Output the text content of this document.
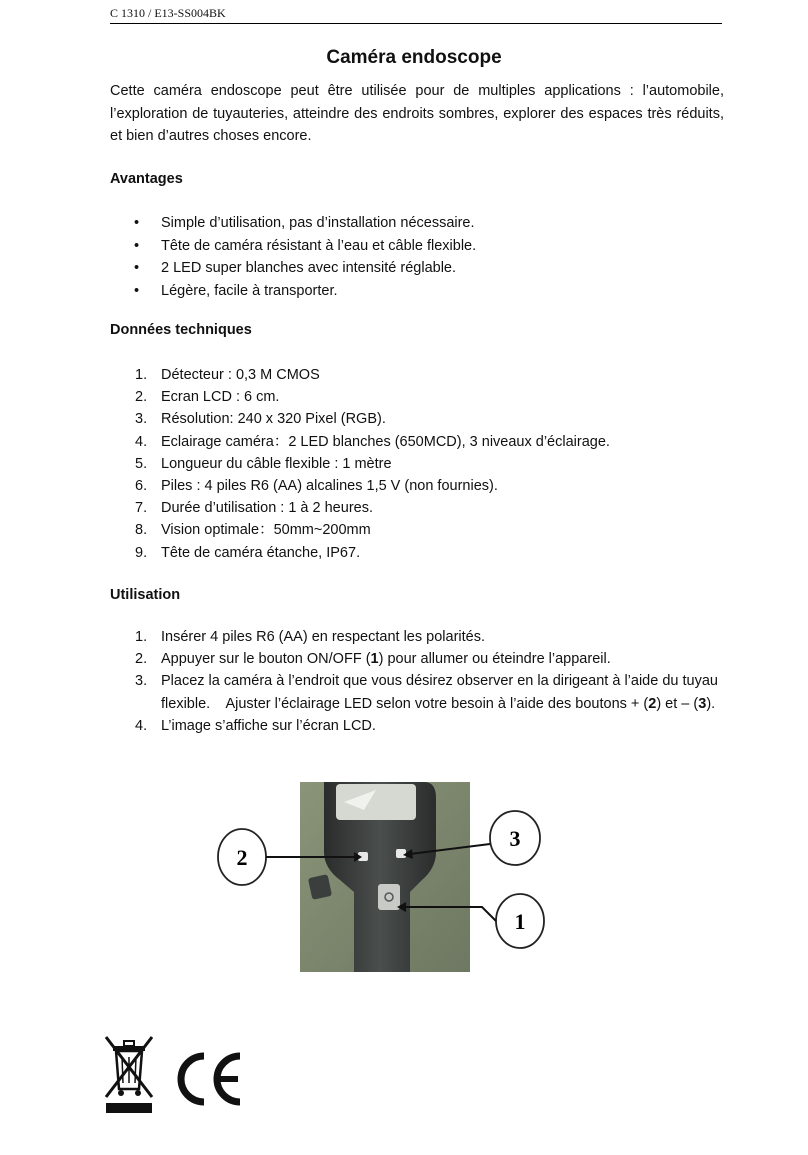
C 1310 / E13-SS004BK
Caméra endoscope
Cette caméra endoscope peut être utilisée pour de multiples applications : l’automobile, l’exploration de tuyauteries, atteindre des endroits sombres, explorer des espaces très réduits, et bien d’autres choses encore.
Avantages
• Simple d’utilisation, pas d’installation nécessaire.
• Tête de caméra résistant à l’eau et câble flexible.
• 2 LED super blanches avec intensité réglable.
• Légère, facile à transporter.
Données techniques
1. Détecteur : 0,3 M CMOS
2. Ecran LCD : 6 cm.
3. Résolution: 240 x 320 Pixel (RGB).
4. Eclairage caméra：2 LED blanches (650MCD), 3 niveaux d’éclairage.
5. Longueur du câble flexible : 1 mètre
6. Piles : 4 piles R6 (AA) alcalines 1,5 V (non fournies).
7. Durée d’utilisation : 1 à 2 heures.
8. Vision optimale：50mm~200mm
9. Tête de caméra étanche, IP67.
Utilisation
1. Insérer 4 piles R6 (AA) en respectant les polarités.
2. Appuyer sur le bouton ON/OFF (1) pour allumer ou éteindre l’appareil.
3. Placez la caméra à l’endroit que vous désirez observer en la dirigeant à l’aide du tuyau flexible.    Ajuster l’éclairage LED selon votre besoin à l’aide des boutons + (2) et – (3).
4. L’image s’affiche sur l’écran LCD.
2
3
1
